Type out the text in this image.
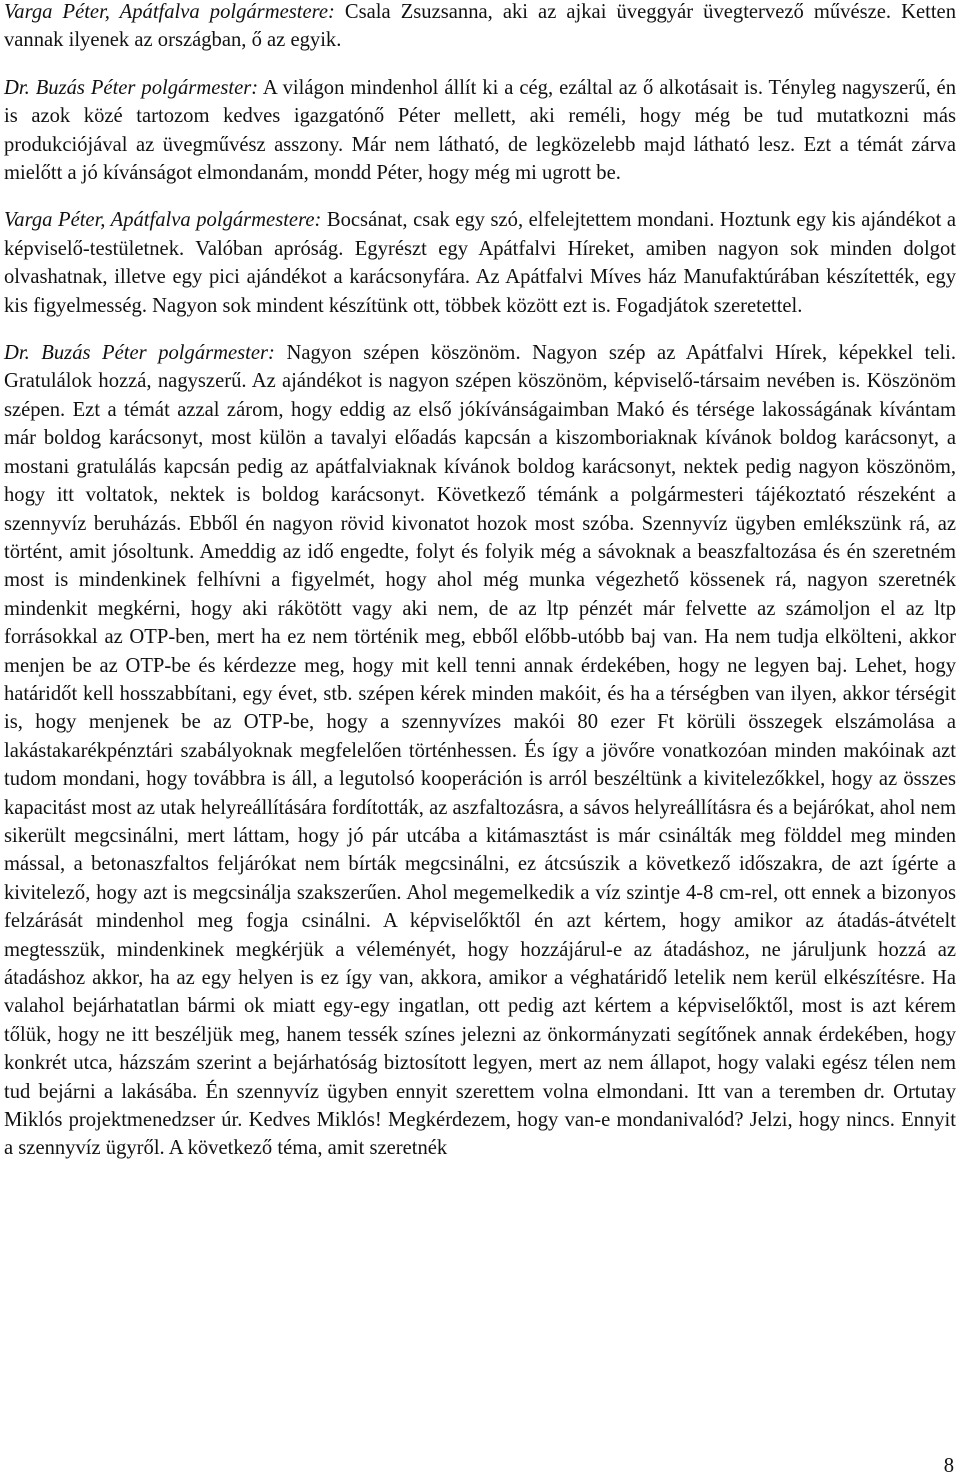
Varga Péter, Apátfalva polgármestere: Csala Zsuzsanna, aki az ajkai üveggyár üvegtervező művésze. Ketten vannak ilyenek az országban, ő az egyik.

Dr. Buzás Péter polgármester: A világon mindenhol állít ki a cég, ezáltal az ő alkotásait is. Tényleg nagyszerű, én is azok közé tartozom kedves igazgatónő Péter mellett, aki reméli, hogy még be tud mutatkozni más produkciójával az üvegművész asszony. Már nem látható, de legközelebb majd látható lesz. Ezt a témát zárva mielőtt a jó kívánságot elmondanám, mondd Péter, hogy még mi ugrott be.

Varga Péter, Apátfalva polgármestere: Bocsánat, csak egy szó, elfelejtettem mondani. Hoztunk egy kis ajándékot a képviselő-testületnek. Valóban apróság. Egyrészt egy Apátfalvi Híreket, amiben nagyon sok minden dolgot olvashatnak, illetve egy pici ajándékot a karácsonyfára. Az Apátfalvi Míves ház Manufaktúrában készítették, egy kis figyelmesség. Nagyon sok mindent készítünk ott, többek között ezt is. Fogadjátok szeretettel.

Dr. Buzás Péter polgármester: Nagyon szépen köszönöm. Nagyon szép az Apátfalvi Hírek, képekkel teli. Gratulálok hozzá, nagyszerű. Az ajándékot is nagyon szépen köszönöm, képviselő-társaim nevében is. Köszönöm szépen. Ezt a témát azzal zárom, hogy eddig az első jókívánságaimban Makó és térsége lakosságának kívántam már boldog karácsonyt, most külön a tavalyi előadás kapcsán a kiszomboriaknak kívánok boldog karácsonyt, a mostani gratulálás kapcsán pedig az apátfalviaknak kívánok boldog karácsonyt, nektek pedig nagyon köszönöm, hogy itt voltatok, nektek is boldog karácsonyt. Következő témánk a polgármesteri tájékoztató részeként a szennyvíz beruházás. Ebből én nagyon rövid kivonatot hozok most szóba. Szennyvíz ügyben emlékszünk rá, az történt, amit jósoltunk. Ameddig az idő engedte, folyt és folyik még a sávoknak a beaszfaltozása és én szeretném most is mindenkinek felhívni a figyelmét, hogy ahol még munka végezhető kössenek rá, nagyon szeretnék mindenkit megkérni, hogy aki rákötött vagy aki nem, de az ltp pénzét már felvette az számoljon el az ltp forrásokkal az OTP-ben, mert ha ez nem történik meg, ebből előbb-utóbb baj van. Ha nem tudja elkölteni, akkor menjen be az OTP-be és kérdezze meg, hogy mit kell tenni annak érdekében, hogy ne legyen baj. Lehet, hogy határidőt kell hosszabbítani, egy évet, stb. szépen kérek minden makóit, és ha a térségben van ilyen, akkor térségit is, hogy menjenek be az OTP-be, hogy a szennyvízes makói 80 ezer Ft körüli összegek elszámolása a lakástakarékpénztári szabályoknak megfelelően történhessen. És így a jövőre vonatkozóan minden makóinak azt tudom mondani, hogy továbbra is áll, a legutolsó kooperáción is arról beszéltünk a kivitelezőkkel, hogy az összes kapacitást most az utak helyreállítására fordították, az aszfaltozásra, a sávos helyreállításra és a bejárókat, ahol nem sikerült megcsinálni, mert láttam, hogy jó pár utcába a kitámasztást is már csinálták meg földdel meg minden mással, a betonaszfaltos feljárókat nem bírták megcsinálni, ez átcsúszik a következő időszakra, de azt ígérte a kivitelező, hogy azt is megcsinálja szakszerűen. Ahol megemelkedik a víz szintje 4-8 cm-rel, ott ennek a bizonyos felzárását mindenhol meg fogja csinálni. A képviselőktől én azt kértem, hogy amikor az átadás-átvételt megtesszük, mindenkinek megkérjük a véleményét, hogy hozzájárul-e az átadáshoz, ne járuljunk hozzá az átadáshoz akkor, ha az egy helyen is ez így van, akkora, amikor a véghatáridő letelik nem kerül elkészítésre. Ha valahol bejárhatatlan bármi ok miatt egy-egy ingatlan, ott pedig azt kértem a képviselőktől, most is azt kérem tőlük, hogy ne itt beszéljük meg, hanem tessék színes jelezni az önkormányzati segítőnek annak érdekében, hogy konkrét utca, házszám szerint a bejárhatóság biztosított legyen, mert az nem állapot, hogy valaki egész télen nem tud bejárni a lakásába. Én szennyvíz ügyben ennyit szerettem volna elmondani. Itt van a teremben dr. Ortutay Miklós projektmenedzser úr. Kedves Miklós! Megkérdezem, hogy van-e mondanivalód? Jelzi, hogy nincs. Ennyit a szennyvíz ügyről. A következő téma, amit szeretnék

8
